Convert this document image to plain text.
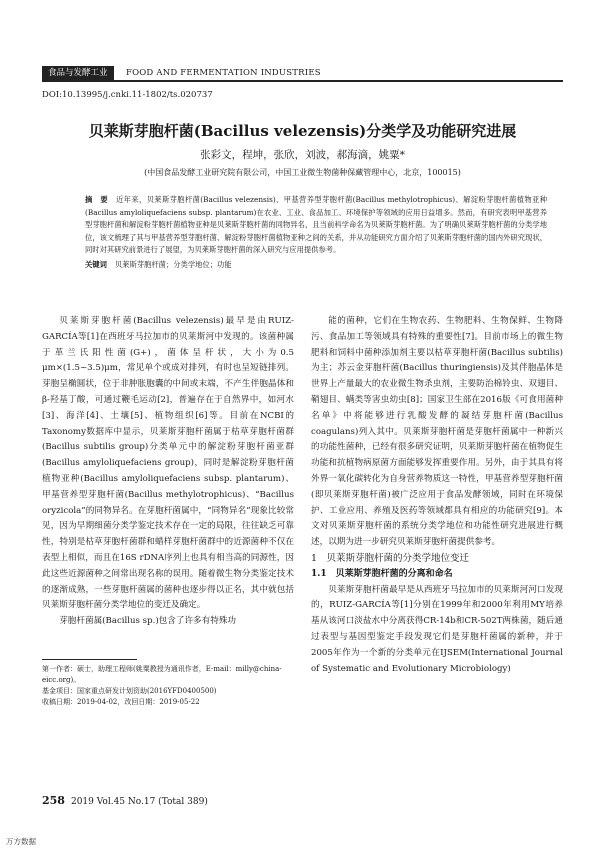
食品与发酵工业	FOOD AND FERMENTATION INDUSTRIES
DOI:10.13995/j.cnki.11-1802/ts.020737
贝莱斯芽胞杆菌(Bacillus velezensis)分类学及功能研究进展
张彩文，程坤，张欣，刘波，郝海滴，姚粟*
(中国食品发酵工业研究院有限公司，中国工业微生物菌种保藏管理中心，北京，100015)

摘　要 近年来，贝莱斯芽胞杆菌(Bacillus velezensis)、甲基营养型芽胞杆菌(Bacillus methylotrophicus)、解淀粉芽胞杆菌植物亚种(Bacillus amyloliquefaciens subsp. plantarum)在农业、工业、食品加工、环境保护等领域的应用日益增多。然而，有研究表明甲基营养型芽胞杆菌和解淀粉芽胞杆菌植物亚种是贝莱斯芽胞杆菌的同物异名，且当前科学命名为贝莱斯芽胞杆菌。为了明确贝莱斯芽胞杆菌的分类学地位，该文梳理了其与甲基营养型芽胞杆菌、解淀粉芽胞杆菌植物亚种之间的关系，并从功能研究方面介绍了贝莱斯芽胞杆菌的国内外研究现状，同时对其研究前景进行了展望，为贝莱斯芽胞杆菌的深入研究与应用提供参考。

关键词 贝莱斯芽胞杆菌；分类学地位；功能

贝莱斯芽胞杆菌(Bacillus velezensis)最早是由RUIZ-GARCÍA等[1]在西班牙马拉加市的贝莱斯河中发现的。该菌种属于革兰氏阳性菌(G+)，菌体呈杆状，大小为0.5 μm×(1.5~3.5)μm，常见单个或成对排列，有时也呈短链排列。芽胞呈椭圆状，位于非肿胀胞囊的中间或末端，不产生伴胞晶体和β-羟基丁酸，可通过鞭毛运动[2]，普遍存在于自然界中，如河水[3]、海洋[4]、土壤[5]、植物组织[6]等。目前在NCBI的Taxonomy数据库中显示，贝莱斯芽胞杆菌属于枯草芽胞杆菌群(Bacillus subtilis group)分类单元中的解淀粉芽胞杆菌亚群(Bacillus amyloliquefaciens group)，同时是解淀粉芽胞杆菌植物亚种(Bacillus amyloliquefaciens subsp. plantarum)、甲基营养型芽胞杆菌(Bacillus methylotrophicus)、“Bacillus oryzicola”的同物异名。在芽胞杆菌属中，“同物异名”现象比较常见，因为早期细菌分类学鉴定技术存在一定的局限，往往缺乏可靠性，特别是枯草芽胞杆菌群和蜡样芽胞杆菌群中的近源菌种不仅在表型上相似，而且在16S rDNA序列上也具有相当高的同源性，因此这些近源菌种之间常出现名称的误用。随着微生物分类鉴定技术的逐渐成熟，一些芽胞杆菌属的菌种也逐步得以正名，其中就包括贝莱斯芽胞杆菌分类学地位的变迁及确定。

芽胞杆菌属(Bacillus sp.)包含了许多有特殊功

第一作者：硕士，助理工程师(姚粟教授为通讯作者，E-mail：milly@china-eicc.org)。
基金项目：国家重点研发计划资助(2016YFD0400500)
收稿日期：2019-04-02，改回日期：2019-05-22

能的菌种，它们在生物农药、生物肥料、生物保鲜、生物降污、食品加工等领域具有特殊的重要性[7]。目前市场上的微生物肥料和饲料中菌种添加剂主要以枯草芽胞杆菌(Bacillus subtilis)为主；苏云金芽胞杆菌(Bacillus thuringiensis)及其伴胞晶体是世界上产量最大的农业微生物杀虫剂，主要防治棉铃虫、双翅目、鞘翅目、螨类等害虫幼虫[8]；国家卫生部在2016版《可食用菌种名单》中将能够进行乳酸发酵的凝结芽胞杆菌(Bacillus coagulans)列入其中。贝莱斯芽胞杆菌是芽胞杆菌属中一种新兴的功能性菌种，已经有很多研究证明，贝莱斯芽胞杆菌在植物促生功能和抗植物病原菌方面能够发挥重要作用。另外，由于其具有将外界一氧化碳转化为自身营养物质这一特性，甲基营养型芽胞杆菌(即贝莱斯芽胞杆菌)被广泛应用于食品发酵领域，同时在环境保护、工业应用、养殖及医药等领域都具有相应的功能研究[9]。本文对贝莱斯芽胞杆菌的系统分类学地位和功能性研究进展进行概述，以期为进一步研究贝莱斯芽胞杆菌提供参考。

1　贝莱斯芽胞杆菌的分类学地位变迁

1.1　贝莱斯芽胞杆菌的分离和命名

贝莱斯芽胞杆菌最早是从西班牙马拉加市的贝莱斯河河口发现的，RUIZ-GARCÍA等[1]分别在1999年和2000年利用MY培养基从该河口淡盐水中分离获得CR-14b和CR-502T两株菌，随后通过表型与基因型鉴定手段发现它们是芽胞杆菌属的新种，并于2005年作为一个新的分类单元在IJSEM(International Journal of Systematic and Evolutionary Microbiology)

258 2019 Vol.45 No.17 (Total 389)
万方数据
